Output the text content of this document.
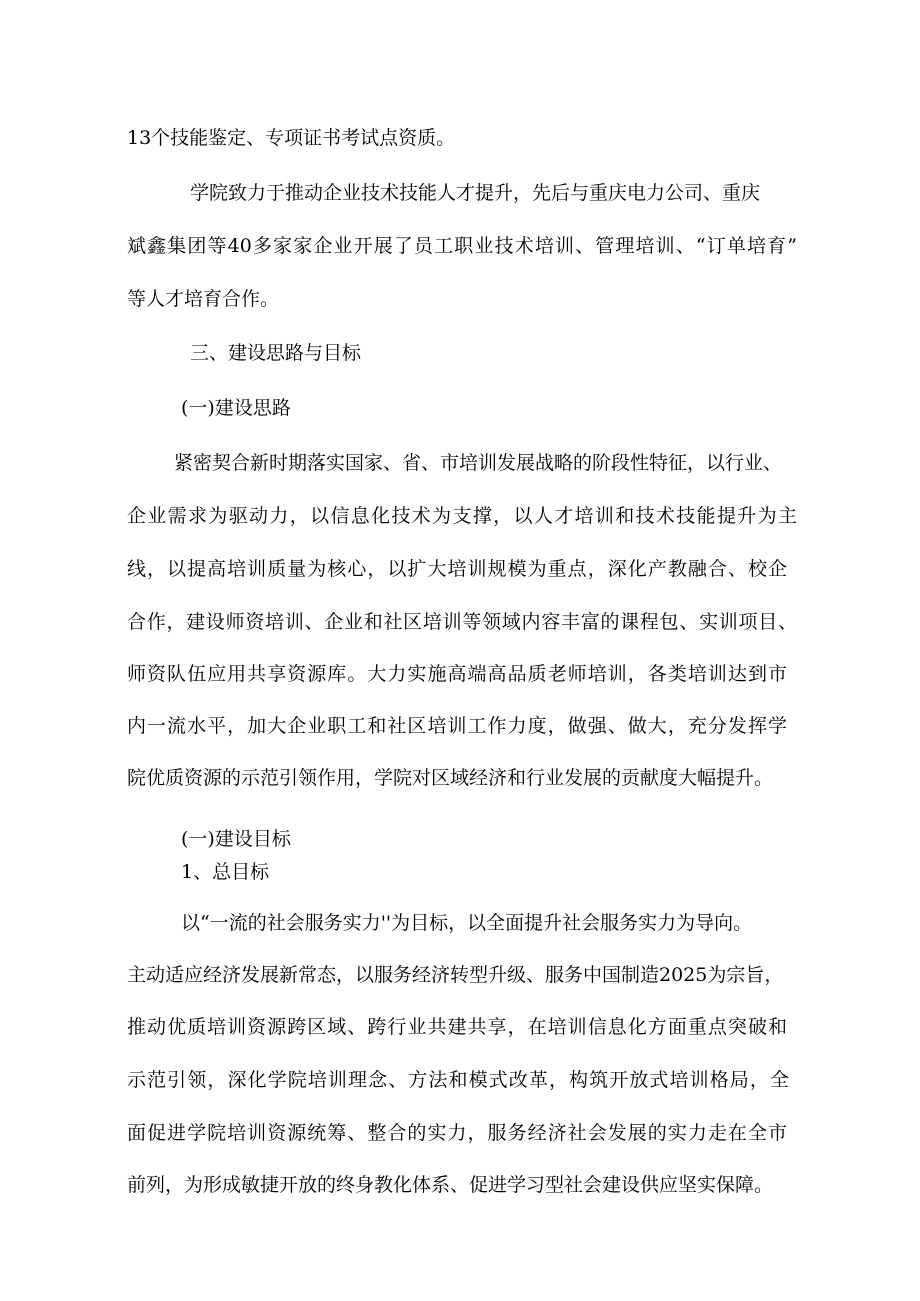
13个技能鉴定、专项证书考试点资质。
学院致力于推动企业技术技能人才提升，先后与重庆电力公司、重庆
斌鑫集团等40多家家企业开展了员工职业技术培训、管理培训、“订单培育”
等人才培育合作。
三、建设思路与目标
(一)建设思路
紧密契合新时期落实国家、省、市培训发展战略的阶段性特征，以行业、
企业需求为驱动力，以信息化技术为支撑，以人才培训和技术技能提升为主
线，以提高培训质量为核心，以扩大培训规模为重点，深化产教融合、校企
合作，建设师资培训、企业和社区培训等领域内容丰富的课程包、实训项目、
师资队伍应用共享资源库。大力实施高端高品质老师培训，各类培训达到市
内一流水平，加大企业职工和社区培训工作力度，做强、做大，充分发挥学
院优质资源的示范引领作用，学院对区域经济和行业发展的贡献度大幅提升。
(一)建设目标
1、总目标
以“一流的社会服务实力''为目标，以全面提升社会服务实力为导向。
主动适应经济发展新常态，以服务经济转型升级、服务中国制造2025为宗旨，
推动优质培训资源跨区域、跨行业共建共享，在培训信息化方面重点突破和
示范引领，深化学院培训理念、方法和模式改革，构筑开放式培训格局，全
面促进学院培训资源统筹、整合的实力，服务经济社会发展的实力走在全市
前列，为形成敏捷开放的终身教化体系、促进学习型社会建设供应坚实保障。
